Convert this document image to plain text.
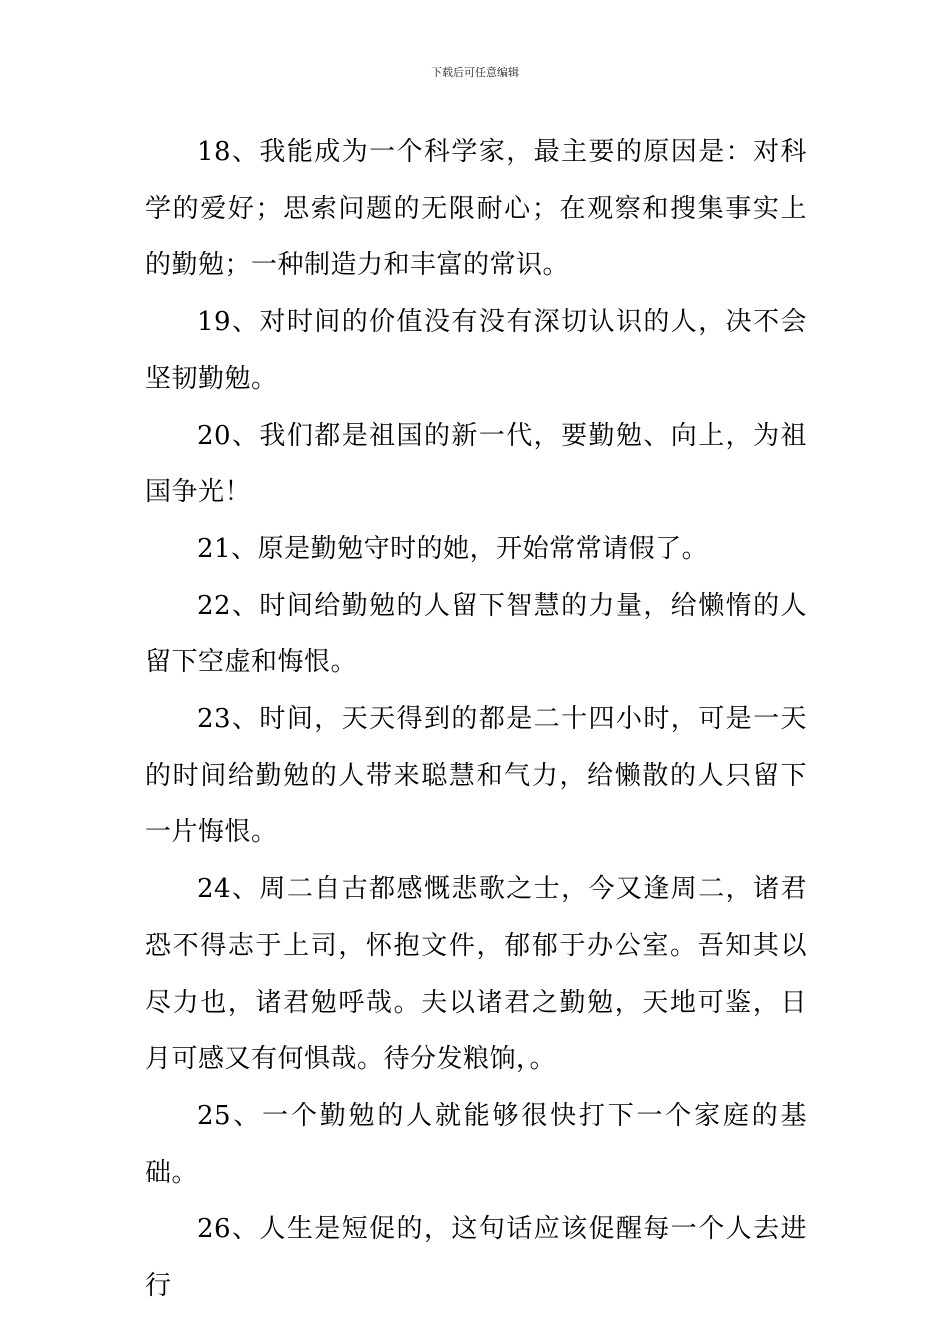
下载后可任意编辑

18、我能成为一个科学家，最主要的原因是：对科学的爱好；思索问题的无限耐心；在观察和搜集事实上的勤勉；一种制造力和丰富的常识。

19、对时间的价值没有没有深切认识的人，决不会坚韧勤勉。

20、我们都是祖国的新一代，要勤勉、向上，为祖国争光！

21、原是勤勉守时的她，开始常常请假了。

22、时间给勤勉的人留下智慧的力量，给懒惰的人留下空虚和悔恨。

23、时间，天天得到的都是二十四小时，可是一天的时间给勤勉的人带来聪慧和气力，给懒散的人只留下一片悔恨。

24、周二自古都感慨悲歌之士，今又逢周二，诸君恐不得志于上司，怀抱文件，郁郁于办公室。吾知其以尽力也，诸君勉呼哉。夫以诸君之勤勉，天地可鉴，日月可感又有何惧哉。待分发粮饷，。

25、一个勤勉的人就能够很快打下一个家庭的基础。

26、人生是短促的，这句话应该促醒每一个人去进行
